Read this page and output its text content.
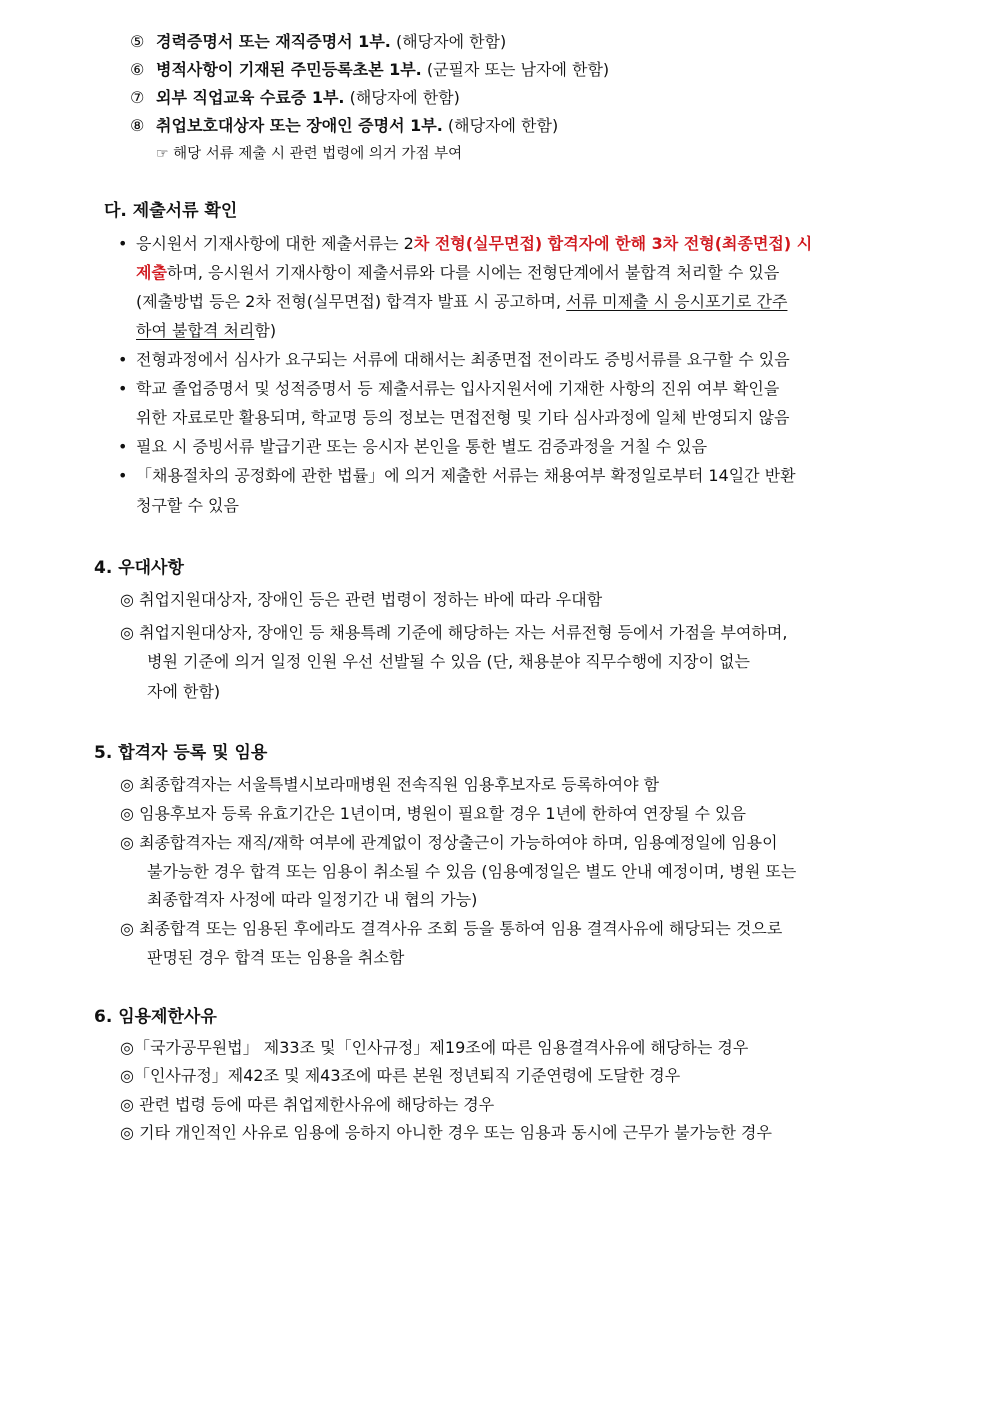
⑤ 경력증명서 또는 재직증명서 1부. (해당자에 한함)
⑥ 병적사항이 기재된 주민등록초본 1부. (군필자 또는 남자에 한함)
⑦ 외부 직업교육 수료증 1부. (해당자에 한함)
⑧ 취업보호대상자 또는 장애인 증명서 1부. (해당자에 한함)
☞ 해당 서류 제출 시 관련 법령에 의거 가점 부여
다. 제출서류 확인
• 응시원서 기재사항에 대한 제출서류는 2차 전형(실무면접) 합격자에 한해 3차 전형(최종면접) 시
제출하며, 응시원서 기재사항이 제출서류와 다를 시에는 전형단계에서 불합격 처리할 수 있음
(제출방법 등은 2차 전형(실무면접) 합격자 발표 시 공고하며, 서류 미제출 시 응시포기로 간주
하여 불합격 처리함)
• 전형과정에서 심사가 요구되는 서류에 대해서는 최종면접 전이라도 증빙서류를 요구할 수 있음
• 학교 졸업증명서 및 성적증명서 등 제출서류는 입사지원서에 기재한 사항의 진위 여부 확인을
위한 자료로만 활용되며, 학교명 등의 정보는 면접전형 및 기타 심사과정에 일체 반영되지 않음
• 필요 시 증빙서류 발급기관 또는 응시자 본인을 통한 별도 검증과정을 거칠 수 있음
• 「채용절차의 공정화에 관한 법률」에 의거 제출한 서류는 채용여부 확정일로부터 14일간 반환
청구할 수 있음
4. 우대사항
◎ 취업지원대상자, 장애인 등은 관련 법령이 정하는 바에 따라 우대함
◎ 취업지원대상자, 장애인 등 채용특례 기준에 해당하는 자는 서류전형 등에서 가점을 부여하며,
병원 기준에 의거 일정 인원 우선 선발될 수 있음 (단, 채용분야 직무수행에 지장이 없는
자에 한함)
5. 합격자 등록 및 임용
◎ 최종합격자는 서울특별시보라매병원 전속직원 임용후보자로 등록하여야 함
◎ 임용후보자 등록 유효기간은 1년이며, 병원이 필요할 경우 1년에 한하여 연장될 수 있음
◎ 최종합격자는 재직/재학 여부에 관계없이 정상출근이 가능하여야 하며, 임용예정일에 임용이
불가능한 경우 합격 또는 임용이 취소될 수 있음 (임용예정일은 별도 안내 예정이며, 병원 또는
최종합격자 사정에 따라 일정기간 내 협의 가능)
◎ 최종합격 또는 임용된 후에라도 결격사유 조회 등을 통하여 임용 결격사유에 해당되는 것으로
판명된 경우 합격 또는 임용을 취소함
6. 임용제한사유
◎「국가공무원법」 제33조 및「인사규정」제19조에 따른 임용결격사유에 해당하는 경우
◎「인사규정」제42조 및 제43조에 따른 본원 정년퇴직 기준연령에 도달한 경우
◎ 관련 법령 등에 따른 취업제한사유에 해당하는 경우
◎ 기타 개인적인 사유로 임용에 응하지 아니한 경우 또는 임용과 동시에 근무가 불가능한 경우
